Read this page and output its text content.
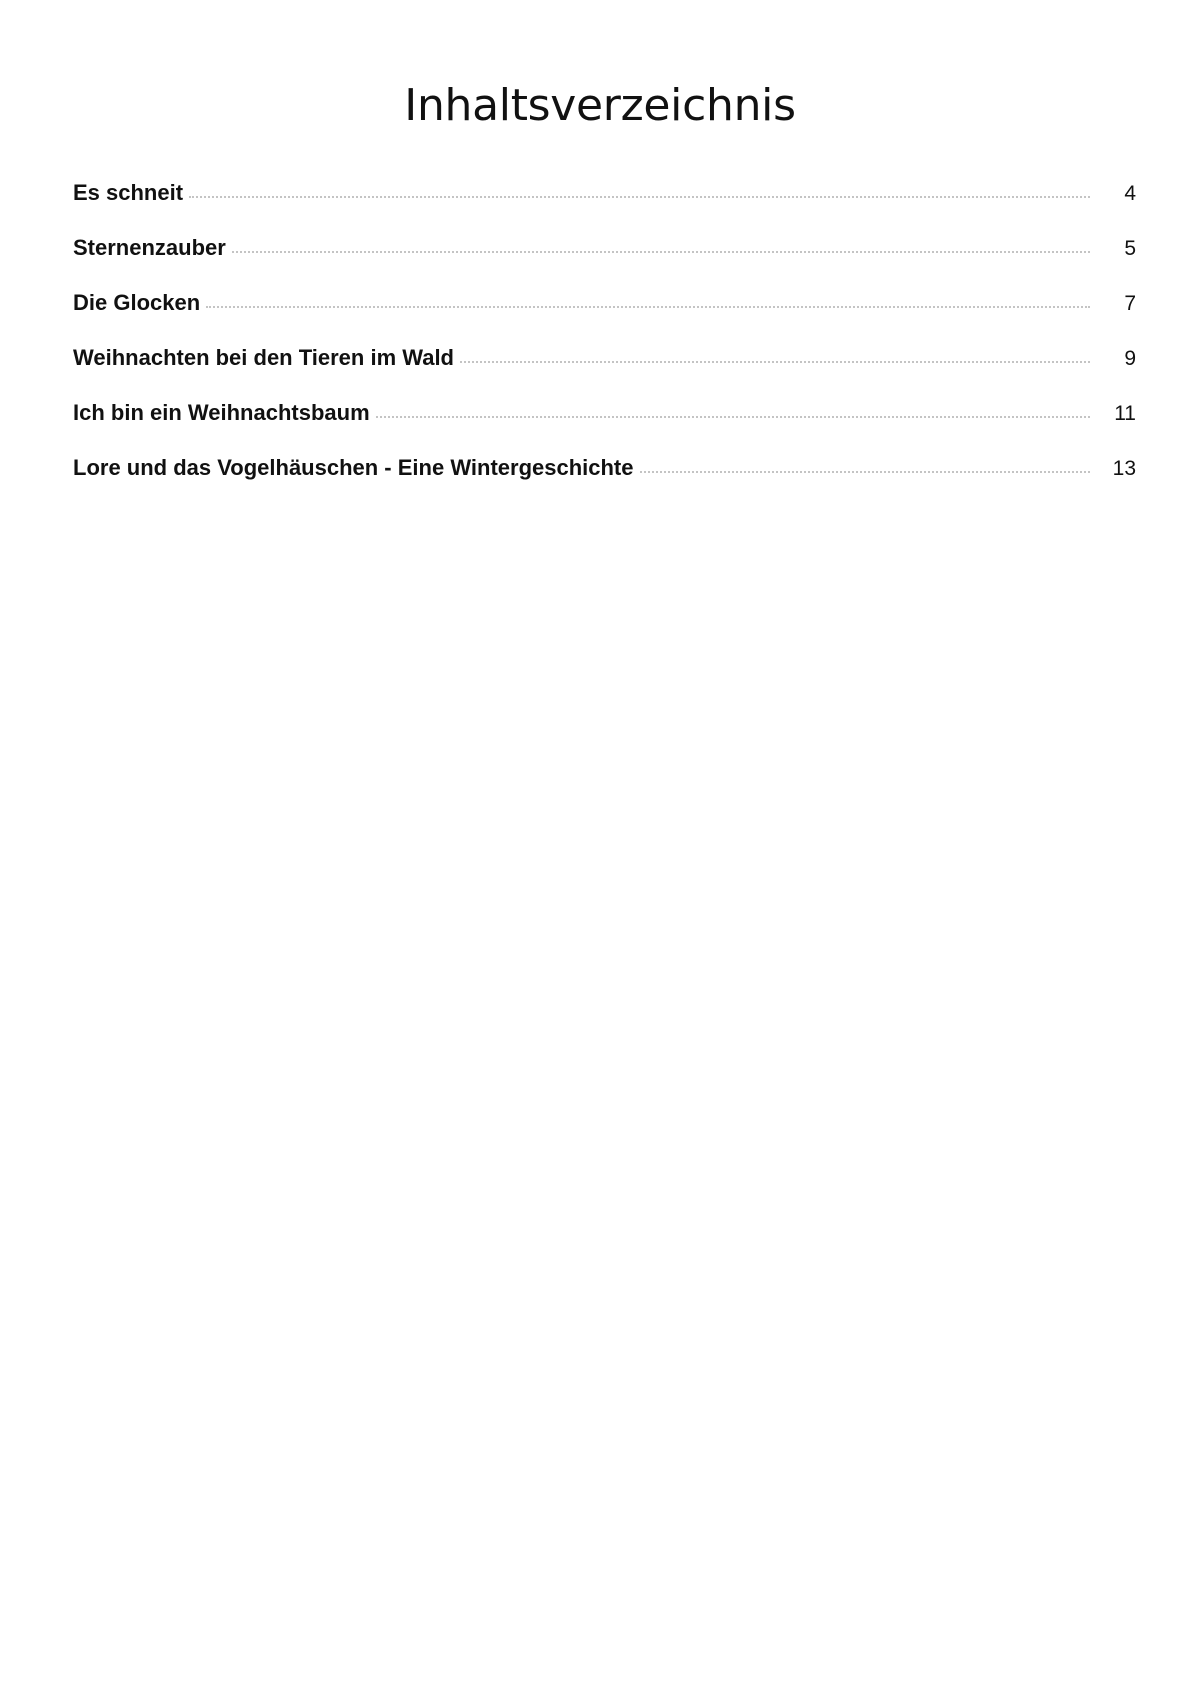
Inhaltsverzeichnis
Es schneit	4
Sternenzauber	5
Die Glocken	7
Weihnachten bei den Tieren im Wald	9
Ich bin ein Weihnachtsbaum	11
Lore und das Vogelhäuschen - Eine Wintergeschichte	13
